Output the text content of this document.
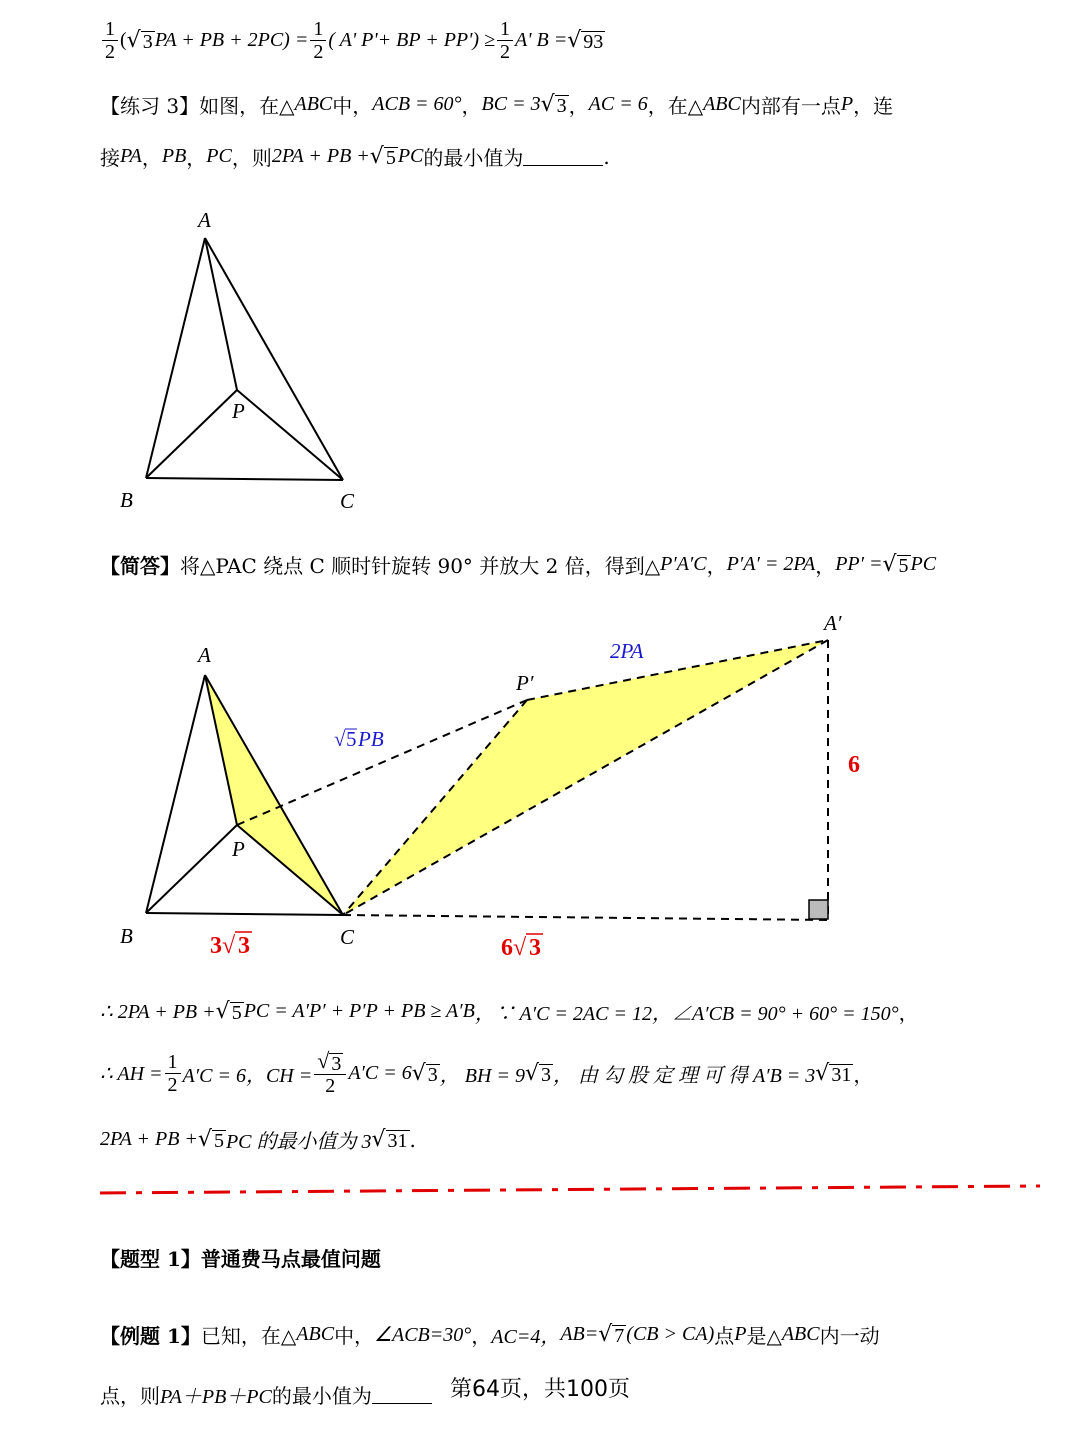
$\frac{1}{2}$ ( √ 3 PA + PB + $2PC) = \frac{1}{2}$ ( A' P'+ BP + $PP') \ge \frac{1}{2} A'$ B = √ 93
【练习 3】 如图，在△ ABC 中， ACB = 60° ， BC = 3 √ 3 ， AC = 6 ，在△ ABC 内部有一点 P ，连
接 PA ， PB ， PC ，则 2PA + PB + √ 5 PC 的最小值为	.
A
B	C
P
【简答】 将△PAC 绕点 C 顺时针旋转 90° 并放大 2 倍，得到△ P′A′C ， P′A′ = 2PA ， PP′ = √ 5 PC
A
B	C
P
P′
A′
2PA
√ 5 PB
6
3 √ 3	6 √ 3
∴ 2PA + PB + √ 5 PC = A′P′ + P′P + PB ≥ A′B ，∵ A′C = 2AC = 12 ，∠A′CB = 90° + 60° = 150° ，
∴ AH = $\frac{1}{2} A'C = 6$，CH = $\frac{√ 3}{2} A'C = 6$ √ 3 ， BH = 9 √ 3 ， 由 勾 股 定 理 可 得 A′B = 3 √ 31 ，
2PA + PB + √ 5 PC 的最小值为 3 √ 31 .
【题型 1】 普通费马点最值问题
【例题 1】 已知，在△ ABC 中， ∠ACB=30° ， AC=4， AB= √ 7 (CB > CA) 点 P 是△ ABC 内一动
点，则 PA＋PB＋PC 的最小值为	第64页，共100页
